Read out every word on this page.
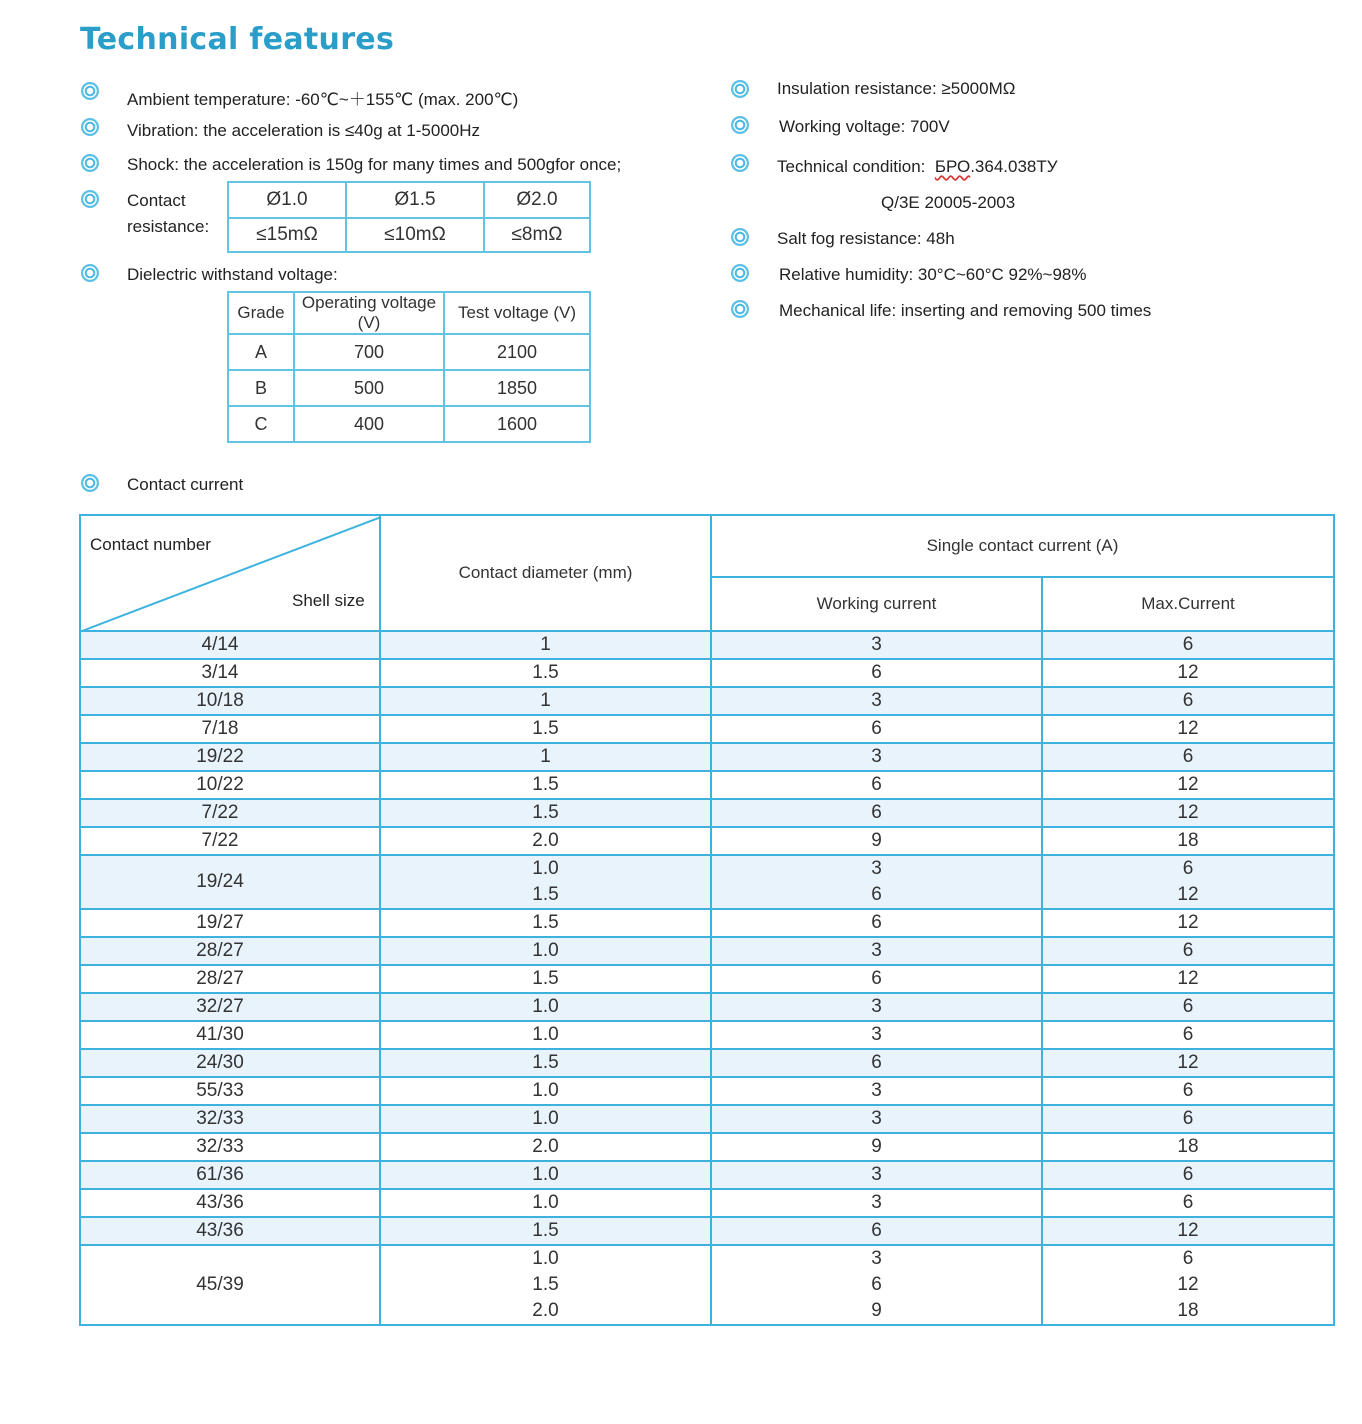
Technical features
Ambient temperature: -60℃~＋155℃ (max. 200℃)
Vibration: the acceleration is ≤40g at 1-5000Hz
Shock: the acceleration is 150g for many times and 500gfor once;
Contact
resistance:
Ø1.0	Ø1.5	Ø2.0
≤15mΩ	≤10mΩ	≤8mΩ
Dielectric withstand voltage:
Grade	Operating voltage (V)	Test voltage (V)
A	700	2100
B	500	1850
C	400	1600
Contact current
Insulation resistance: ≥5000MΩ
Working voltage: 700V
Technical condition:  БРО.364.038ТУ
Q/3E 20005-2003
Salt fog resistance: 48h
Relative humidity: 30°C~60°C 92%~98%
Mechanical life: inserting and removing 500 times
Contact number
Shell size	Contact diameter (mm)	Single contact current (A)	
		Working current	Max.Current
4/14	1	3	6
3/14	1.5	6	12
10/18	1	3	6
7/18	1.5	6	12
19/22	1	3	6
10/22	1.5	6	12
7/22	1.5	6	12
7/22	2.0	9	18
19/24	1.0	3	6
	1.5	6	12
19/27	1.5	6	12
28/27	1.0	3	6
28/27	1.5	6	12
32/27	1.0	3	6
41/30	1.0	3	6
24/30	1.5	6	12
55/33	1.0	3	6
32/33	1.0	3	6
32/33	2.0	9	18
61/36	1.0	3	6
43/36	1.0	3	6
43/36	1.5	6	12
45/39	1.0	3	6
	1.5	6	12
	2.0	9	18
